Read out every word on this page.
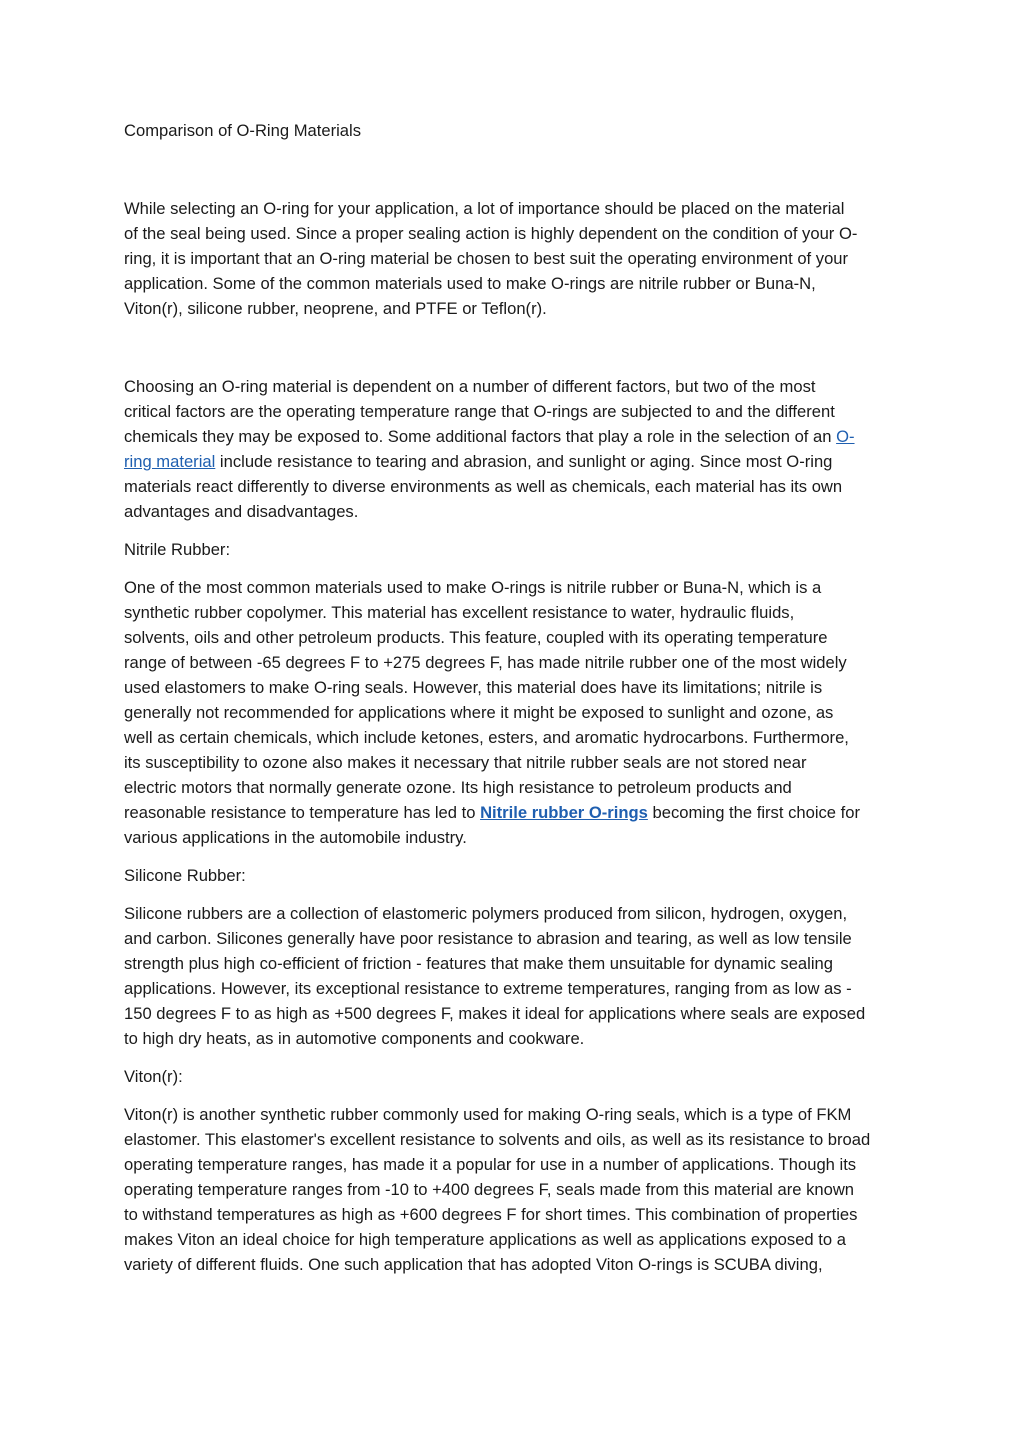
Comparison of O-Ring Materials
While selecting an O-ring for your application, a lot of importance should be placed on the material
of the seal being used. Since a proper sealing action is highly dependent on the condition of your O-
ring, it is important that an O-ring material be chosen to best suit the operating environment of your
application. Some of the common materials used to make O-rings are nitrile rubber or Buna-N,
Viton(r), silicone rubber, neoprene, and PTFE or Teflon(r).
Choosing an O-ring material is dependent on a number of different factors, but two of the most
critical factors are the operating temperature range that O-rings are subjected to and the different
chemicals they may be exposed to. Some additional factors that play a role in the selection of an O-
ring material include resistance to tearing and abrasion, and sunlight or aging. Since most O-ring
materials react differently to diverse environments as well as chemicals, each material has its own
advantages and disadvantages.
Nitrile Rubber:
One of the most common materials used to make O-rings is nitrile rubber or Buna-N, which is a
synthetic rubber copolymer. This material has excellent resistance to water, hydraulic fluids,
solvents, oils and other petroleum products. This feature, coupled with its operating temperature
range of between -65 degrees F to +275 degrees F, has made nitrile rubber one of the most widely
used elastomers to make O-ring seals. However, this material does have its limitations; nitrile is
generally not recommended for applications where it might be exposed to sunlight and ozone, as
well as certain chemicals, which include ketones, esters, and aromatic hydrocarbons. Furthermore,
its susceptibility to ozone also makes it necessary that nitrile rubber seals are not stored near
electric motors that normally generate ozone. Its high resistance to petroleum products and
reasonable resistance to temperature has led to Nitrile rubber O-rings becoming the first choice for
various applications in the automobile industry.
Silicone Rubber:
Silicone rubbers are a collection of elastomeric polymers produced from silicon, hydrogen, oxygen,
and carbon. Silicones generally have poor resistance to abrasion and tearing, as well as low tensile
strength plus high co-efficient of friction - features that make them unsuitable for dynamic sealing
applications. However, its exceptional resistance to extreme temperatures, ranging from as low as -
150 degrees F to as high as +500 degrees F, makes it ideal for applications where seals are exposed
to high dry heats, as in automotive components and cookware.
Viton(r):
Viton(r) is another synthetic rubber commonly used for making O-ring seals, which is a type of FKM
elastomer. This elastomer's excellent resistance to solvents and oils, as well as its resistance to broad
operating temperature ranges, has made it a popular for use in a number of applications. Though its
operating temperature ranges from -10 to +400 degrees F, seals made from this material are known
to withstand temperatures as high as +600 degrees F for short times. This combination of properties
makes Viton an ideal choice for high temperature applications as well as applications exposed to a
variety of different fluids. One such application that has adopted Viton O-rings is SCUBA diving,
